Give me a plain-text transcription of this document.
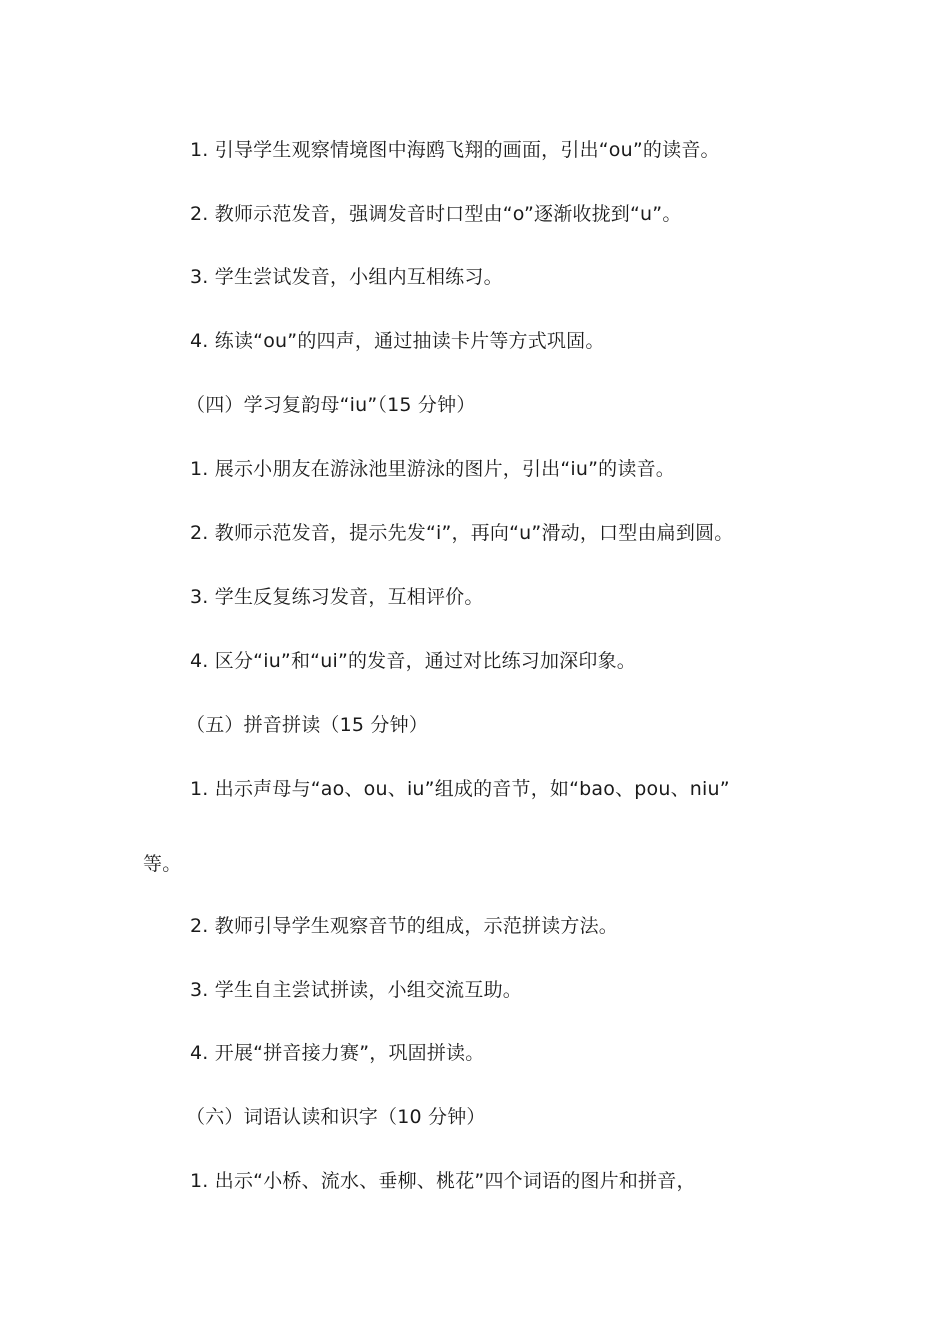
1. 引导学生观察情境图中海鸥飞翔的画面，引出“ou”的读音。
2. 教师示范发音，强调发音时口型由“o”逐渐收拢到“u”。
3. 学生尝试发音，小组内互相练习。
4. 练读“ou”的四声，通过抽读卡片等方式巩固。
（四）学习复韵母“iu”（15 分钟）
1. 展示小朋友在游泳池里游泳的图片，引出“iu”的读音。
2. 教师示范发音，提示先发“i”，再向“u”滑动，口型由扁到圆。
3. 学生反复练习发音，互相评价。
4. 区分“iu”和“ui”的发音，通过对比练习加深印象。
（五）拼音拼读（15 分钟）
1. 出示声母与“ao、ou、iu”组成的音节，如“bao、pou、niu”
等。
2. 教师引导学生观察音节的组成，示范拼读方法。
3. 学生自主尝试拼读，小组交流互助。
4. 开展“拼音接力赛”，巩固拼读。
（六）词语认读和识字（10 分钟）
1. 出示“小桥、流水、垂柳、桃花”四个词语的图片和拼音，
